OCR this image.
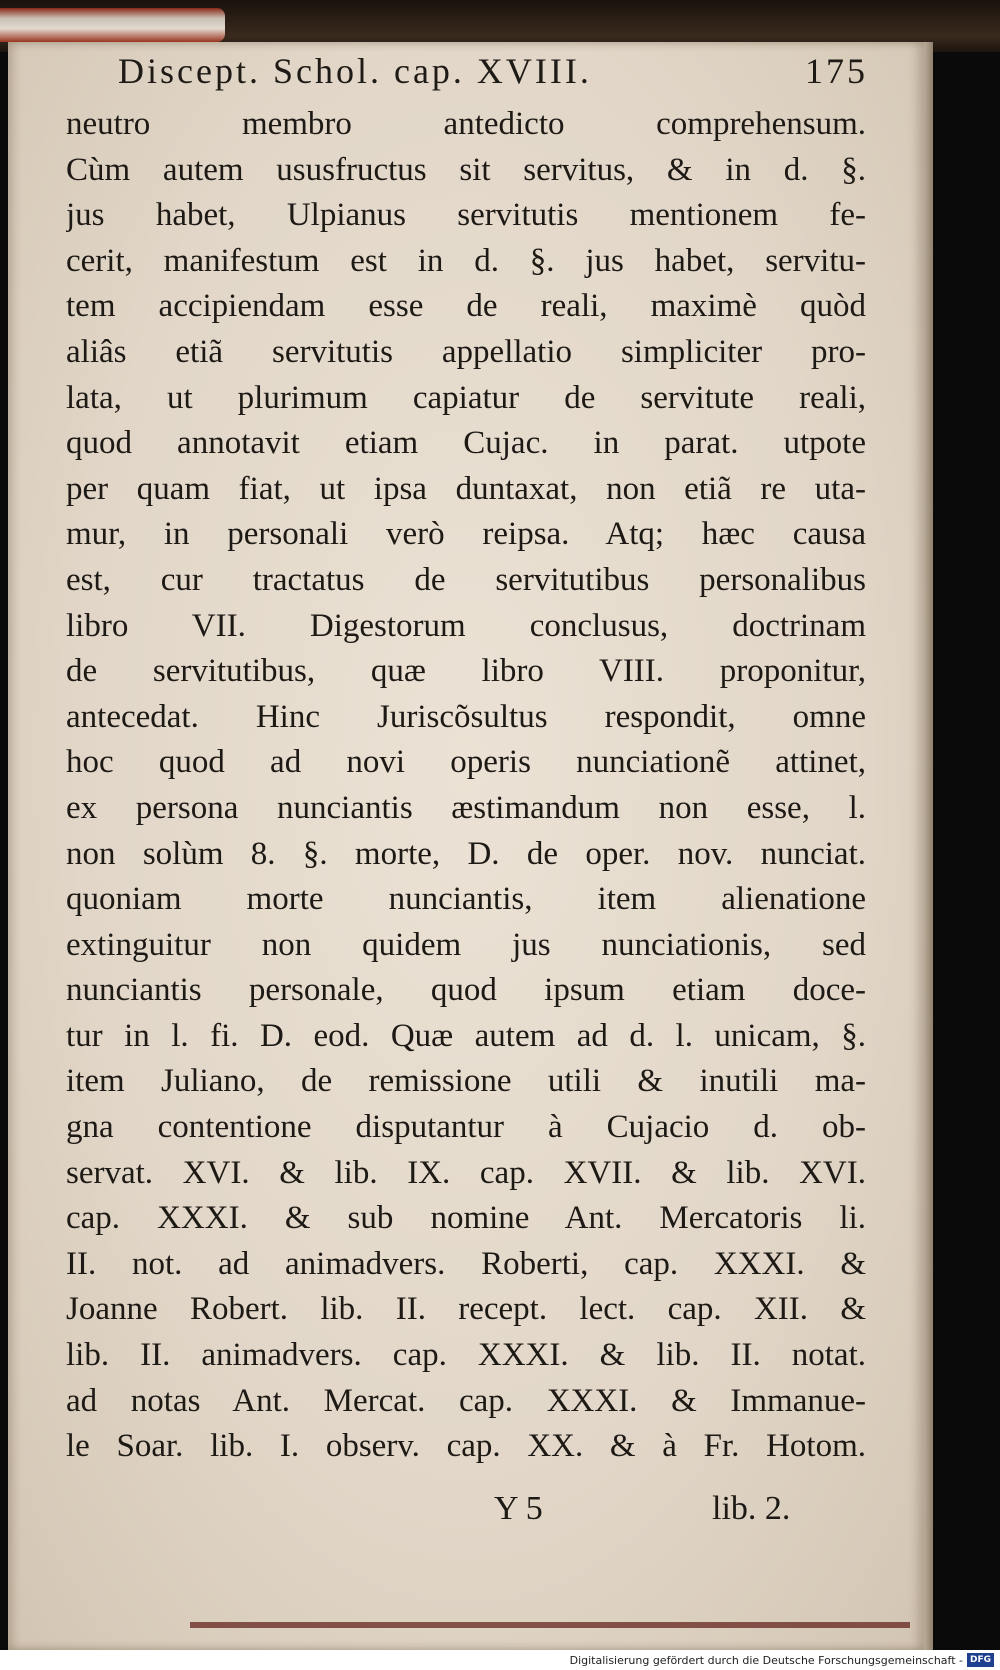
Discept. Schol. cap. XVIII.	175
neutro membro antedicto comprehensum.
Cùm autem ususfructus sit servitus, & in d. §.
jus habet, Ulpianus servitutis mentionem fe-
cerit, manifestum est in d. §. jus habet, servitu-
tem accipiendam esse de reali, maximè quòd
aliâs etiã servitutis appellatio simpliciter pro-
lata, ut plurimum capiatur de servitute reali,
quod annotavit etiam Cujac. in parat. utpote
per quam fiat, ut ipsa duntaxat, non etiã re uta-
mur, in personali verò reipsa. Atq; hæc causa
est, cur tractatus de servitutibus personalibus
libro VII. Digestorum conclusus, doctrinam
de servitutibus, quæ libro VIII. proponitur,
antecedat. Hinc Juriscõsultus respondit, omne
hoc quod ad novi operis nunciationẽ attinet,
ex persona nunciantis æstimandum non esse, l.
non solùm 8. §. morte, D. de oper. nov. nunciat.
quoniam morte nunciantis, item alienatione
extinguitur non quidem jus nunciationis, sed
nunciantis personale, quod ipsum etiam doce-
tur in l. fi. D. eod. Quæ autem ad d. l. unicam, §.
item Juliano, de remissione utili & inutili ma-
gna contentione disputantur à Cujacio d. ob-
servat. XVI. & lib. IX. cap. XVII. & lib. XVI.
cap. XXXI. & sub nomine Ant. Mercatoris li.
II. not. ad animadvers. Roberti, cap. XXXI. &
Joanne Robert. lib. II. recept. lect. cap. XII. &
lib. II. animadvers. cap. XXXI. & lib. II. notat.
ad notas Ant. Mercat. cap. XXXI. & Immanue-
le Soar. lib. I. observ. cap. XX. & à Fr. Hotom.
Y 5	lib. 2.
Digitalisierung gefördert durch die Deutsche Forschungsgemeinschaft - DFG
